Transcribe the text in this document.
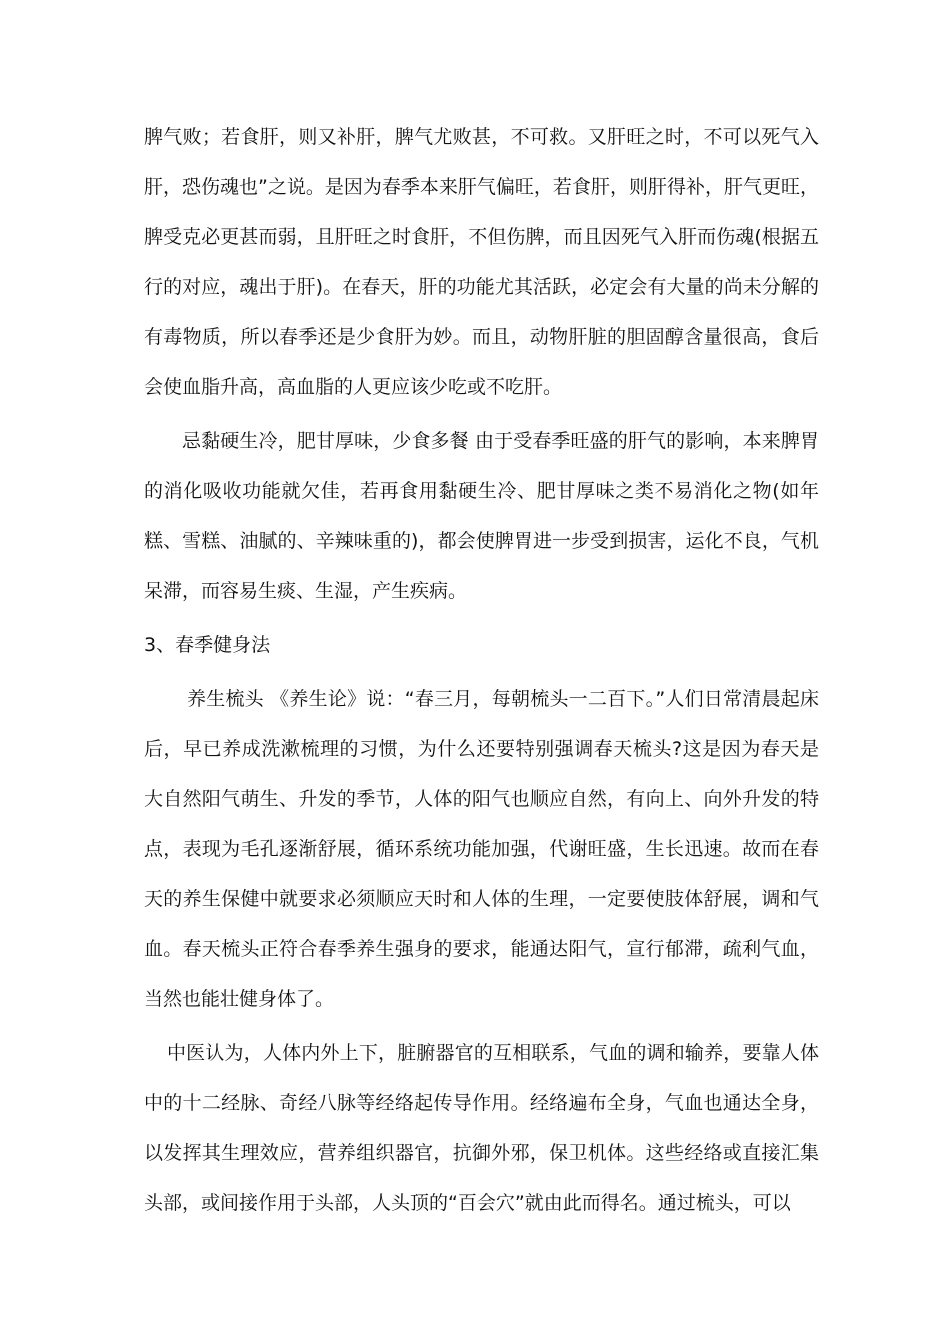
脾气败；若食肝，则又补肝，脾气尤败甚，不可救。又肝旺之时，不可以死气入肝，恐伤魂也”之说。是因为春季本来肝气偏旺，若食肝，则肝得补，肝气更旺，脾受克必更甚而弱，且肝旺之时食肝，不但伤脾，而且因死气入肝而伤魂(根据五行的对应，魂出于肝)。在春天，肝的功能尤其活跃，必定会有大量的尚未分解的有毒物质，所以春季还是少食肝为妙。而且，动物肝脏的胆固醇含量很高，食后会使血脂升高，高血脂的人更应该少吃或不吃肝。

忌黏硬生冷，肥甘厚味，少食多餐 由于受春季旺盛的肝气的影响，本来脾胃的消化吸收功能就欠佳，若再食用黏硬生冷、肥甘厚味之类不易消化之物(如年糕、雪糕、油腻的、辛辣味重的)，都会使脾胃进一步受到损害，运化不良，气机呆滞，而容易生痰、生湿，产生疾病。

3、春季健身法

养生梳头 《养生论》说：“春三月，每朝梳头一二百下。”人们日常清晨起床后，早已养成洗漱梳理的习惯，为什么还要特别强调春天梳头?这是因为春天是大自然阳气萌生、升发的季节，人体的阳气也顺应自然，有向上、向外升发的特点，表现为毛孔逐渐舒展，循环系统功能加强，代谢旺盛，生长迅速。故而在春天的养生保健中就要求必须顺应天时和人体的生理，一定要使肢体舒展，调和气血。春天梳头正符合春季养生强身的要求，能通达阳气，宣行郁滞，疏利气血，当然也能壮健身体了。

中医认为，人体内外上下，脏腑器官的互相联系，气血的调和输养，要靠人体中的十二经脉、奇经八脉等经络起传导作用。经络遍布全身，气血也通达全身，以发挥其生理效应，营养组织器官，抗御外邪，保卫机体。这些经络或直接汇集头部，或间接作用于头部，人头顶的“百会穴”就由此而得名。通过梳头，可以
